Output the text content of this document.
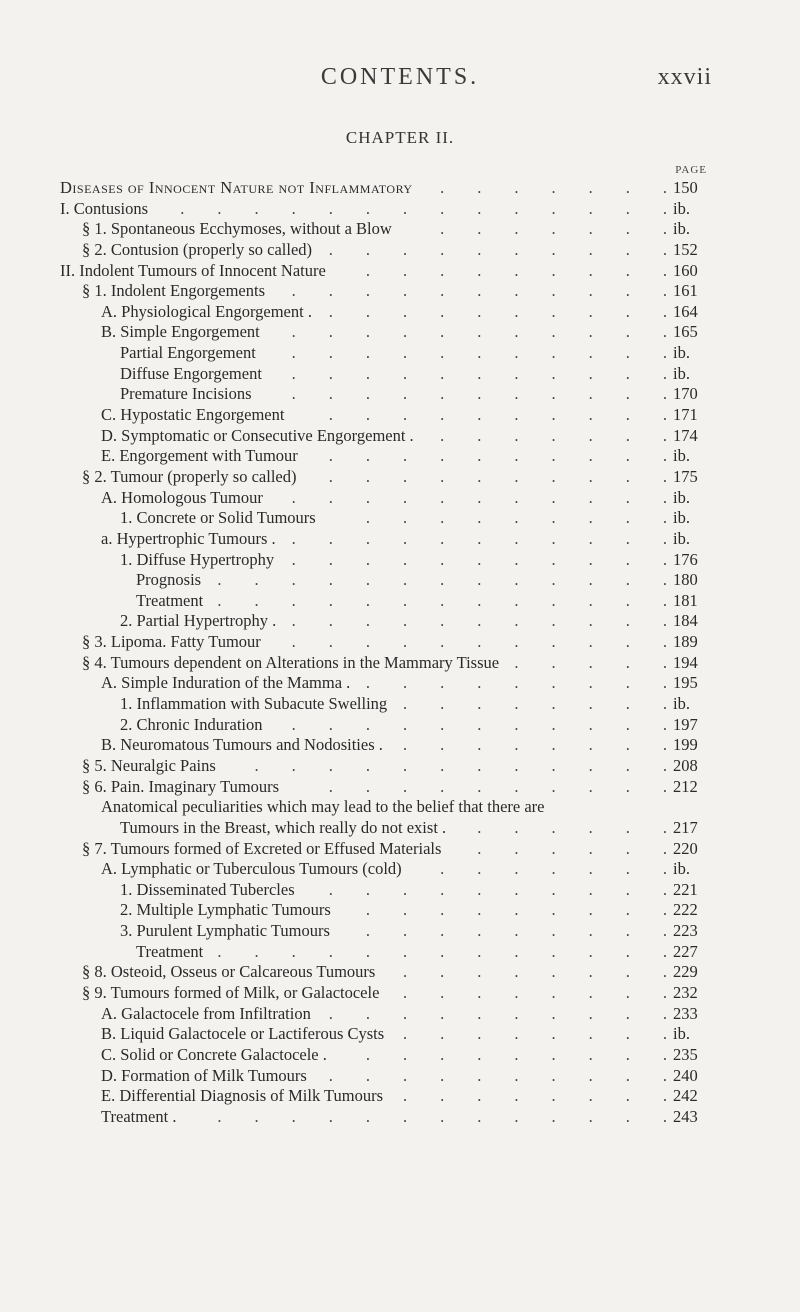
CONTENTS.	xxvii
CHAPTER II.
PAGE
Diseases of Innocent Nature not Inflammatory .    .    .    .    .    .    . 150
I. Contusions .    .    .    .    .    .    .    .    .    .    .    .    .    . ib.
§ 1. Spontaneous Ecchymoses, without a Blow	.    .    .    .    .    .    . ib.
§ 2. Contusion (properly so called) .    .    .    .    .    .    .    .    .    . 152
II. Indolent Tumours of Innocent Nature .    .    .    .    .    .    .    .    . 160
§ 1. Indolent Engorgements .    .    .    .    .    .    .    .    .    .    . 161
A. Physiological Engorgement . .    .    .    .    .    .    .    .    .    . 164
B. Simple Engorgement .    .    .    .    .    .    .    .    .    .    . 165
Partial Engorgement .    .    .    .    .    .    .    .    .    .    . ib.
Diffuse Engorgement .    .    .    .    .    .    .    .    .    .    . ib.
Premature Incisions .    .    .    .    .    .    .    .    .    .    . 170
C. Hypostatic Engorgement	.    .    .    .    .    .    .    .    .    . 171
D. Symptomatic or Consecutive Engorgement . .    .    .    .    .    .    . 174
E. Engorgement with Tumour .    .    .    .    .    .    .    .    .    . ib.
§ 2. Tumour (properly so called) .    .    .    .    .    .    .    .    .    . 175
A. Homologous Tumour .    .    .    .    .    .    .    .    .    .    . ib.
1. Concrete or Solid Tumours	.    .    .    .    .    .    .    .    . ib.
a. Hypertrophic Tumours . .    .    .    .    .    .    .    .    .    .    . ib.
1. Diffuse Hypertrophy .    .    .    .    .    .    .    .    .    .    . 176
Prognosis .    .    .    .    .    .    .    .    .    .    .    .    . 180
Treatment .    .    .    .    .    .    .    .    .    .    .    .    . 181
2. Partial Hypertrophy . .    .    .    .    .    .    .    .    .    .    . 184
§ 3. Lipoma. Fatty Tumour .    .    .    .    .    .    .    .    .    .    . 189
§ 4. Tumours dependent on Alterations in the Mammary Tissue .    .    .    .    . 194
A. Simple Induration of the Mamma . .    .    .    .    .    .    .    .    . 195
1. Inflammation with Subacute Swelling .    .    .    .    .    .    .    . ib.
2. Chronic Induration .    .    .    .    .    .    .    .    .    .    . 197
B. Neuromatous Tumours and Nodosities . .    .    .    .    .    .    .    . 199
§ 5. Neuralgic Pains .    .    .    .    .    .    .    .    .    .    .    . 208
§ 6. Pain. Imaginary Tumours	.    .    .    .    .    .    .    .    .    . 212
Anatomical peculiarities which may lead to the belief that there are
Tumours in the Breast, which really do not exist . .    .    .    .    .    . 217
§ 7. Tumours formed of Excreted or Effused Materials .    .    .    .    .    . 220
A. Lymphatic or Tuberculous Tumours (cold) .    .    .    .    .    .    . ib.
1. Disseminated Tubercles .    .    .    .    .    .    .    .    .    . 221
2. Multiple Lymphatic Tumours .    .    .    .    .    .    .    .    . 222
3. Purulent Lymphatic Tumours .    .    .    .    .    .    .    .    . 223
Treatment .    .    .    .    .    .    .    .    .    .    .    .    . 227
§ 8. Osteoid, Osseus or Calcareous Tumours .    .    .    .    .    .    .    . 229
§ 9. Tumours formed of Milk, or Galactocele .    .    .    .    .    .    .    . 232
A. Galactocele from Infiltration .    .    .    .    .    .    .    .    .    . 233
B. Liquid Galactocele or Lactiferous Cysts .    .    .    .    .    .    .    . ib.
C. Solid or Concrete Galactocele . .    .    .    .    .    .    .    .    . 235
D. Formation of Milk Tumours .    .    .    .    .    .    .    .    .    . 240
E. Differential Diagnosis of Milk Tumours .    .    .    .    .    .    .    . 242
Treatment . .    .    .    .    .    .    .    .    .    .    .    .    . 243
